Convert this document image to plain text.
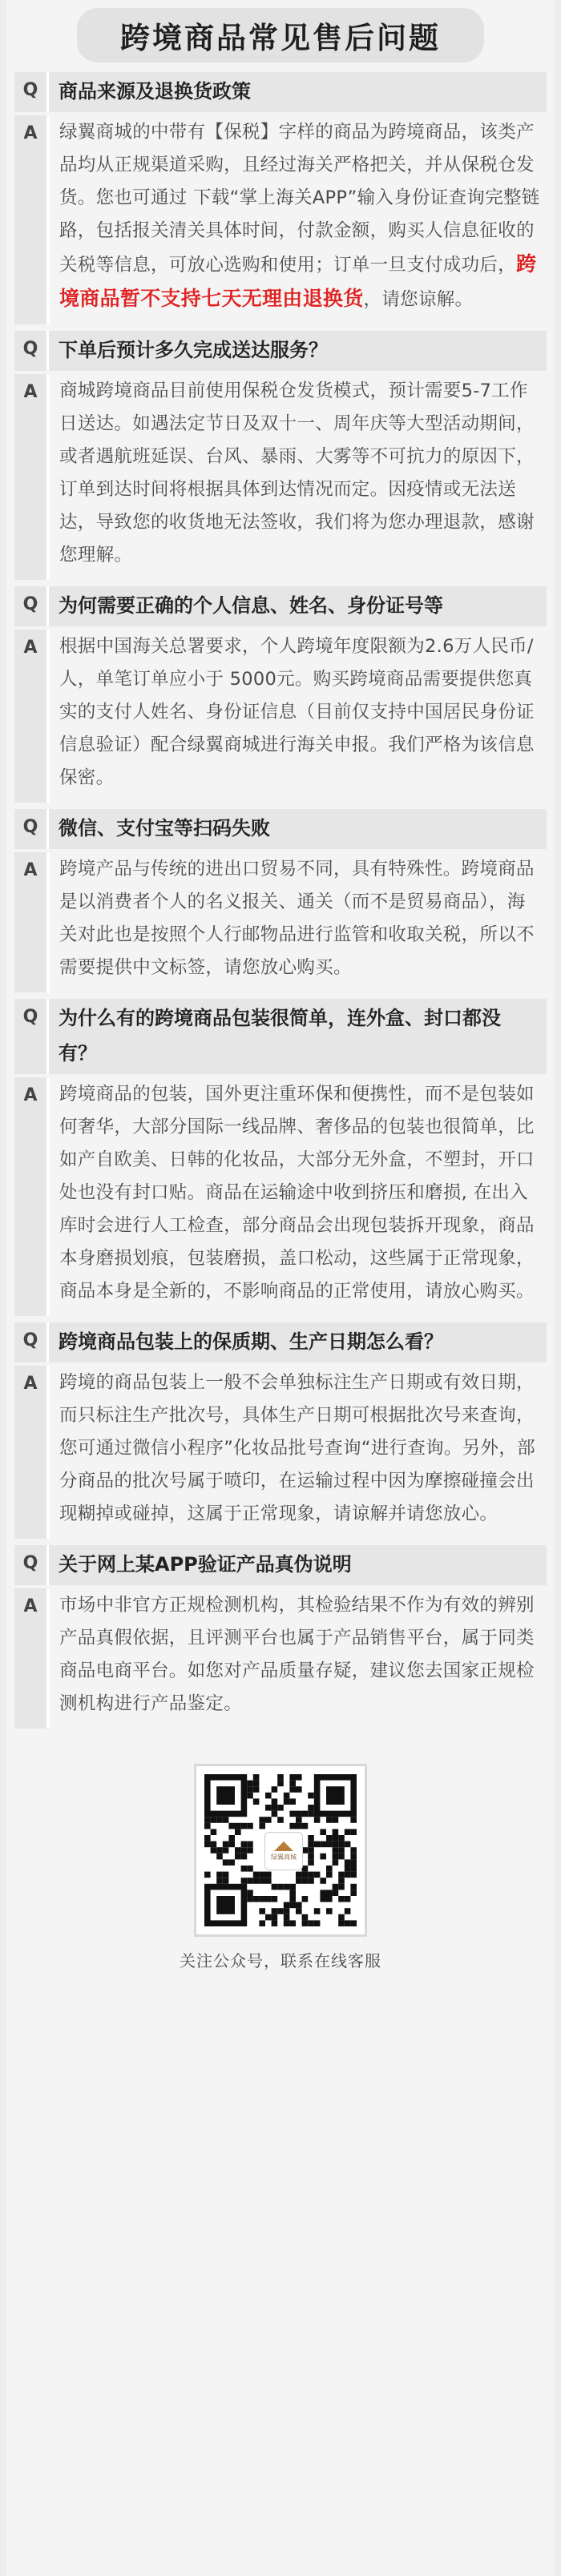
跨境商品常见售后问题
Q	商品来源及退换货政策
A	绿翼商城的中带有【保税】字样的商品为跨境商品，该类产品均从正规渠道采购，且经过海关严格把关，并从保税仓发货。您也可通过 下载“掌上海关APP”输入身份证查询完整链路，包括报关清关具体时间，付款金额，购买人信息征收的关税等信息，可放心选购和使用；订单一旦支付成功后，跨境商品暂不支持七天无理由退换货，请您谅解。
Q	下单后预计多久完成送达服务？
A	商城跨境商品目前使用保税仓发货模式，预计需要5-7工作日送达。如遇法定节日及双十一、周年庆等大型活动期间，或者遇航班延误、台风、暴雨、大雾等不可抗力的原因下，订单到达时间将根据具体到达情况而定。因疫情或无法送达，导致您的收货地无法签收，我们将为您办理退款，感谢您理解。
Q	为何需要正确的个人信息、姓名、身份证号等
A	根据中国海关总署要求，个人跨境年度限额为2.6万人民币/人，单笔订单应小于 5000元。购买跨境商品需要提供您真实的支付人姓名、身份证信息（目前仅支持中国居民身份证信息验证）配合绿翼商城进行海关申报。我们严格为该信息保密。
Q	微信、支付宝等扫码失败
A	跨境产品与传统的进出口贸易不同，具有特殊性。跨境商品是以消费者个人的名义报关、通关（而不是贸易商品），海关对此也是按照个人行邮物品进行监管和收取关税，所以不需要提供中文标签，请您放心购买。
Q	为什么有的跨境商品包装很简单，连外盒、封口都没有？
A	跨境商品的包装，国外更注重环保和便携性，而不是包装如何奢华，大部分国际一线品牌、奢侈品的包装也很简单，比如产自欧美、日韩的化妆品，大部分无外盒，不塑封，开口处也没有封口贴。商品在运输途中收到挤压和磨损, 在出入库时会进行人工检查，部分商品会出现包装拆开现象，商品本身磨损划痕，包装磨损，盖口松动，这些属于正常现象，商品本身是全新的，不影响商品的正常使用，请放心购买。
Q	跨境商品包装上的保质期、生产日期怎么看？
A	跨境的商品包装上一般不会单独标注生产日期或有效日期，而只标注生产批次号，具体生产日期可根据批次号来查询，您可通过微信小程序”化妆品批号查询“进行查询。另外，部分商品的批次号属于喷印，在运输过程中因为摩擦碰撞会出现糊掉或碰掉，这属于正常现象，请谅解并请您放心。
Q	关于网上某APP验证产品真伪说明
A	市场中非官方正规检测机构，其检验结果不作为有效的辨别产品真假依据，且评测平台也属于产品销售平台，属于同类商品电商平台。如您对产品质量存疑，建议您去国家正规检测机构进行产品鉴定。
绿翼商城
关注公众号，联系在线客服
